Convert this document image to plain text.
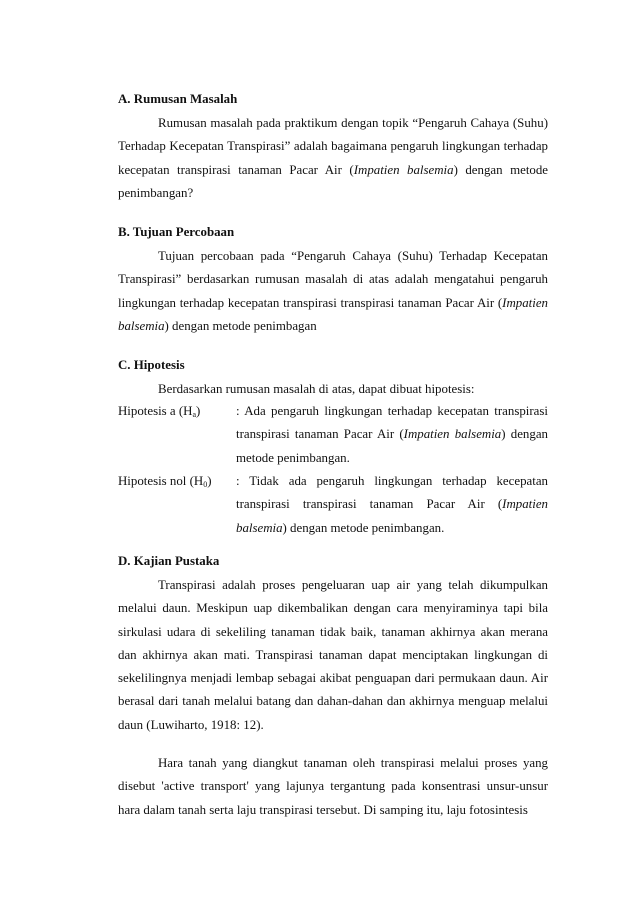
A. Rumusan Masalah

Rumusan masalah pada praktikum dengan topik “Pengaruh Cahaya (Suhu) Terhadap Kecepatan Transpirasi” adalah bagaimana pengaruh lingkungan terhadap kecepatan transpirasi tanaman Pacar Air (Impatien balsemia) dengan metode penimbangan?

B. Tujuan Percobaan

Tujuan percobaan pada “Pengaruh Cahaya (Suhu) Terhadap Kecepatan Transpirasi” berdasarkan rumusan masalah di atas adalah mengatahui pengaruh lingkungan terhadap kecepatan transpirasi transpirasi tanaman Pacar Air (Impatien balsemia) dengan metode penimbagan

C. Hipotesis

Berdasarkan rumusan masalah di atas, dapat dibuat hipotesis:

Hipotesis a $(H_a)$	: Ada pengaruh lingkungan terhadap kecepatan transpirasi transpirasi tanaman Pacar Air (Impatien balsemia) dengan metode penimbangan.
Hipotesis nol $(H_0)$	: Tidak ada pengaruh lingkungan terhadap kecepatan transpirasi transpirasi tanaman Pacar Air (Impatien balsemia) dengan metode penimbangan.

D. Kajian Pustaka

Transpirasi adalah proses pengeluaran uap air yang telah dikumpulkan melalui daun. Meskipun uap dikembalikan dengan cara menyiraminya tapi bila sirkulasi udara di sekeliling tanaman tidak baik, tanaman akhirnya akan merana dan akhirnya akan mati. Transpirasi tanaman dapat menciptakan lingkungan di sekelilingnya menjadi lembap sebagai akibat penguapan dari permukaan daun. Air berasal dari tanah melalui batang dan dahan-dahan dan akhirnya menguap melalui daun (Luwiharto, 1918: 12).

Hara tanah yang diangkut tanaman oleh transpirasi melalui proses yang disebut 'active transport' yang lajunya tergantung pada konsentrasi unsur-unsur hara dalam tanah serta laju transpirasi tersebut. Di samping itu, laju fotosintesis
